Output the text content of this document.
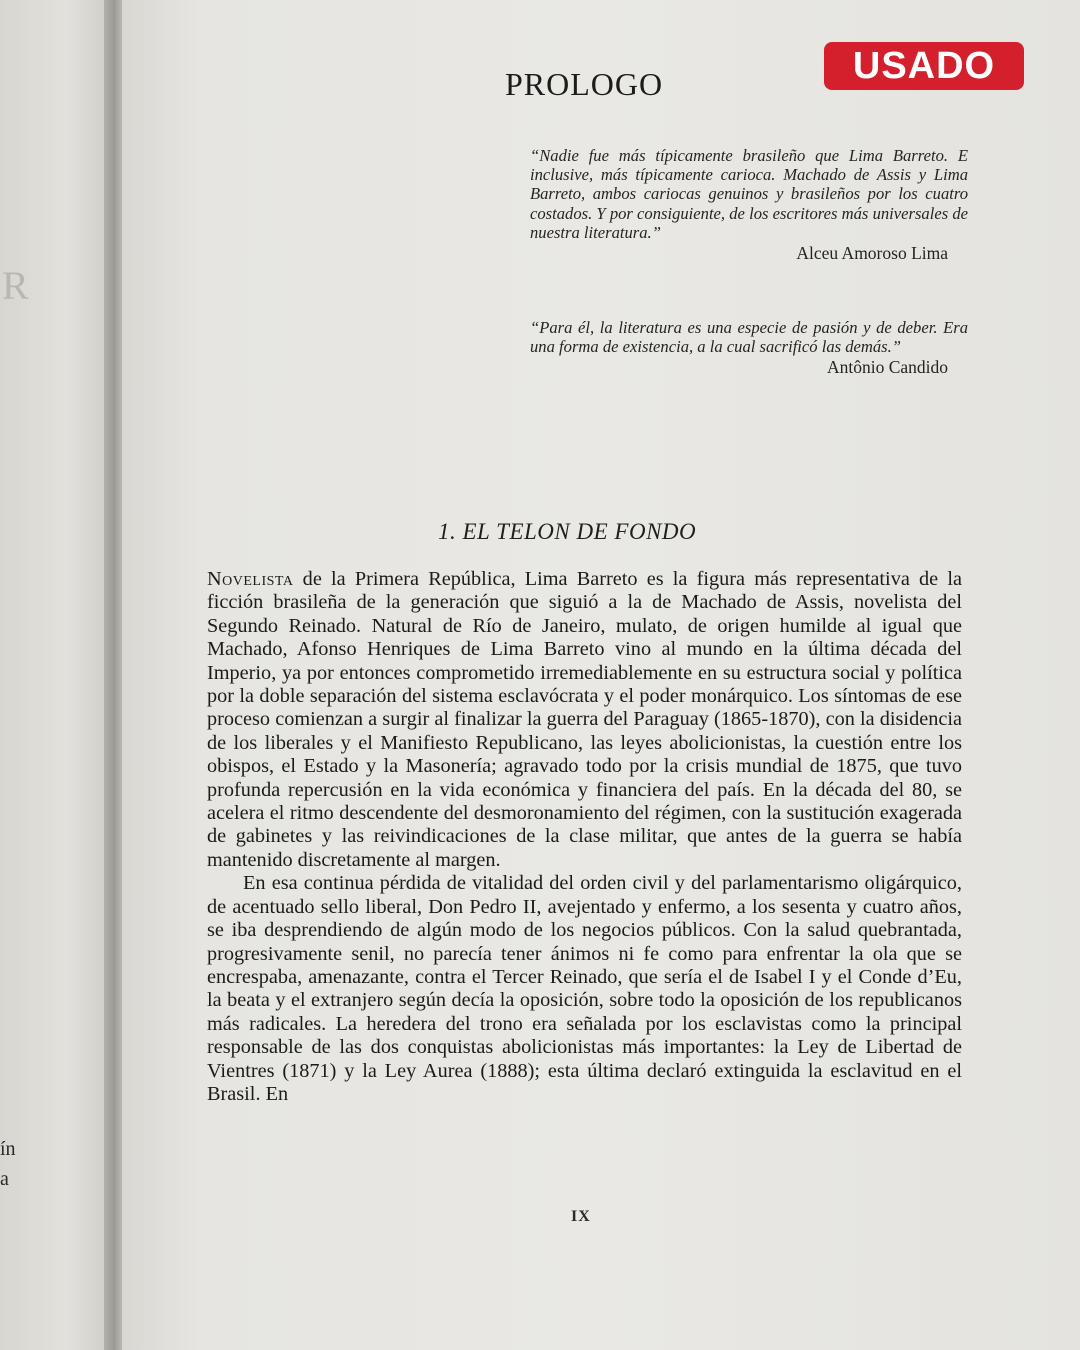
R
ín
a
USADO
PROLOGO
“Nadie fue más típicamente brasileño que Lima Barreto. E inclusive, más típicamente carioca. Machado de Assis y Lima Barreto, ambos cariocas genuinos y brasileños por los cuatro costados. Y por consiguiente, de los escritores más universales de nuestra literatura.”
Alceu Amoroso Lima
“Para él, la literatura es una especie de pasión y de deber. Era una forma de existencia, a la cual sacrificó las demás.”
Antônio Candido
1. EL TELON DE FONDO

Novelista de la Primera República, Lima Barreto es la figura más representativa de la ficción brasileña de la generación que siguió a la de Machado de Assis, novelista del Segundo Reinado. Natural de Río de Janeiro, mulato, de origen humilde al igual que Machado, Afonso Henriques de Lima Barreto vino al mundo en la última década del Imperio, ya por entonces comprometido irremediablemente en su estructura social y política por la doble separación del sistema esclavócrata y el poder monárquico. Los síntomas de ese proceso comienzan a surgir al finalizar la guerra del Paraguay (1865-1870), con la disidencia de los liberales y el Manifiesto Republicano, las leyes abolicionistas, la cuestión entre los obispos, el Estado y la Masonería; agravado todo por la crisis mundial de 1875, que tuvo profunda repercusión en la vida económica y financiera del país. En la década del 80, se acelera el ritmo descendente del desmoronamiento del régimen, con la sustitución exagerada de gabinetes y las reivindicaciones de la clase militar, que antes de la guerra se había mantenido discretamente al margen.

En esa continua pérdida de vitalidad del orden civil y del parlamentarismo oligárquico, de acentuado sello liberal, Don Pedro II, avejentado y enfermo, a los sesenta y cuatro años, se iba desprendiendo de algún modo de los negocios públicos. Con la salud quebrantada, progresivamente senil, no parecía tener ánimos ni fe como para enfrentar la ola que se encrespaba, amenazante, contra el Tercer Reinado, que sería el de Isabel I y el Conde d’Eu, la beata y el extranjero según decía la oposición, sobre todo la oposición de los republicanos más radicales. La heredera del trono era señalada por los esclavistas como la principal responsable de las dos conquistas abolicionistas más importantes: la Ley de Libertad de Vientres (1871) y la Ley Aurea (1888); esta última declaró extinguida la esclavitud en el Brasil. En

IX
